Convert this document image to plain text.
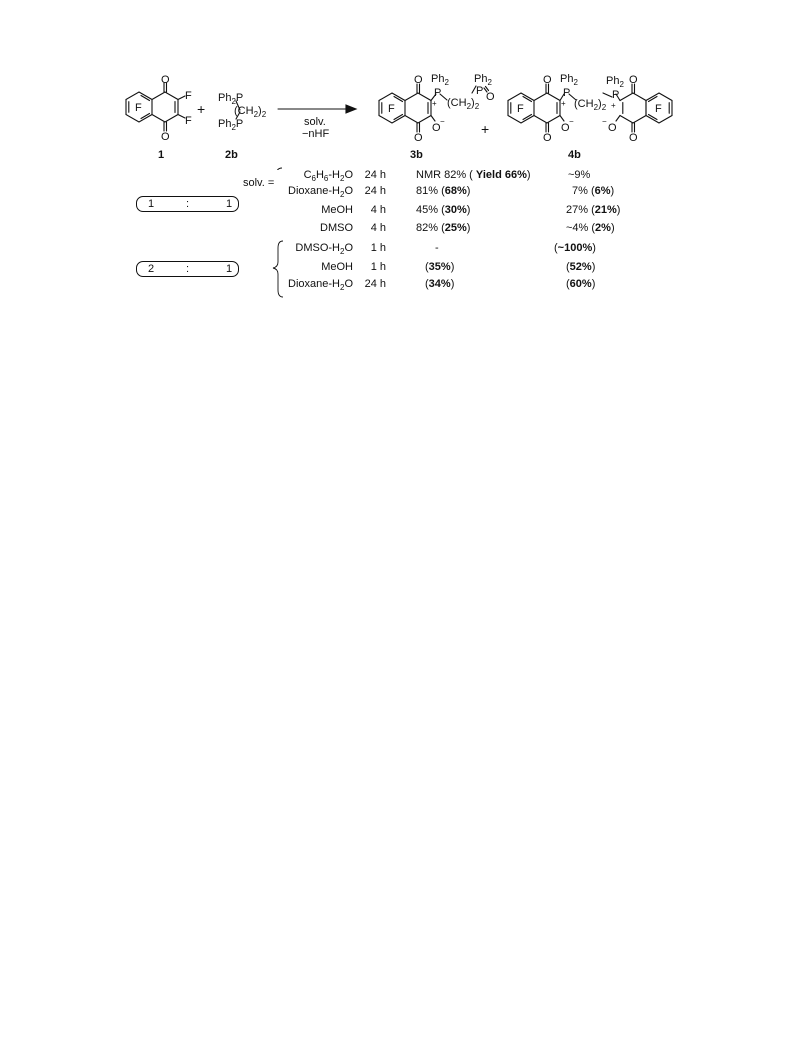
O
O
F
F
F
1
+
$Ph_2P$
$(CH_2)_2$
$Ph_2P$
2b
solv.
−nHF
O
O
F
$Ph_2$
P
+ $(CH_2)_2$
$Ph_2$
P O
O
−
3b
+
O
O
F
$Ph_2$
P
+ $(CH_2)_2$
$Ph_2$
P
+
O
−	−
O
O
O
F
4b
solv. =
1	:	1
$C_6H_6-H_2O$	24 h	NMR 82% ( Yield 66%)	~9%
Dioxane-$H_2O$	24 h	81% (68%)	7% (6%)
MeOH	4 h	45% (30%)	27% (21%)
DMSO	4 h	82% (25%)	~4% (2%)
2	:	1
DMSO-$H_2O$	1 h	-	(~100%)
MeOH	1 h	(35%)	(52%)
Dioxane-$H_2O$	24 h	(34%)	(60%)
